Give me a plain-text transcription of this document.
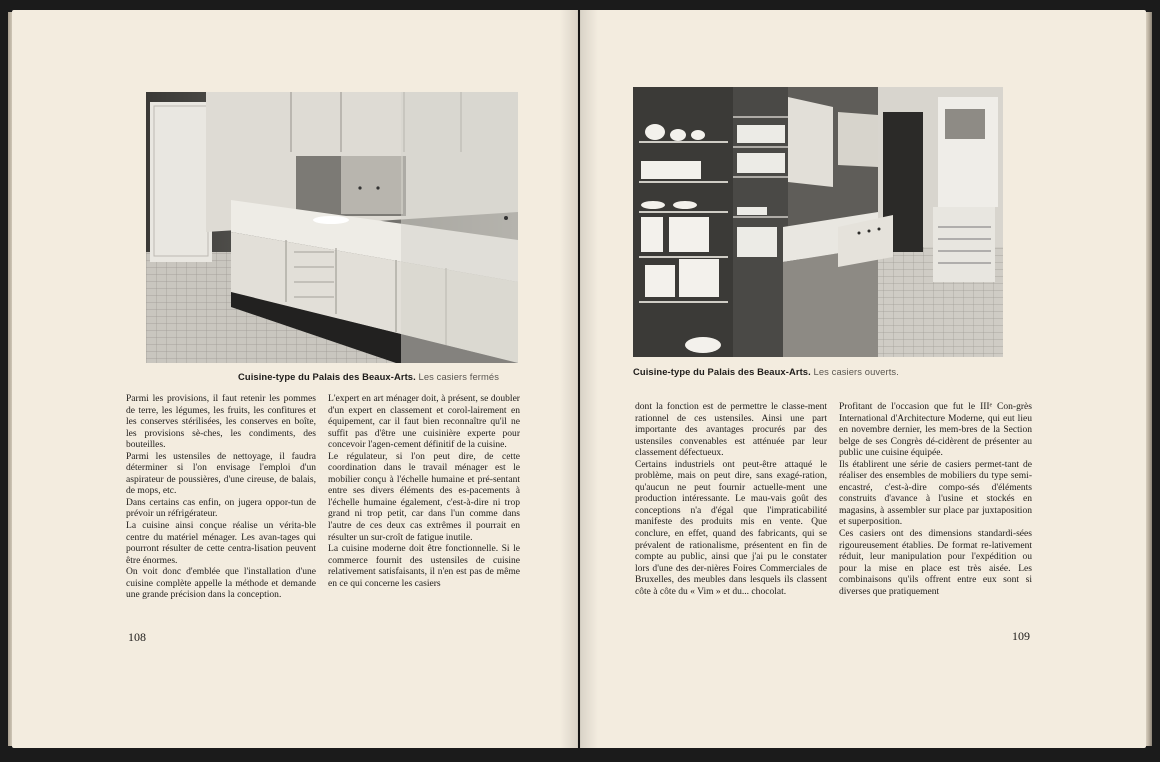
Cuisine-type du Palais des Beaux-Arts. Les casiers fermés

Parmi les provisions, il faut retenir les pommes de terre, les légumes, les fruits, les confitures et les conserves stérilisées, les conserves en boîte, les provisions sè-ches, les condiments, des bouteilles.

Parmi les ustensiles de nettoyage, il faudra déterminer si l'on envisage l'emploi d'un aspirateur de poussières, d'une cireuse, de balais, de mops, etc.

Dans certains cas enfin, on jugera oppor-tun de prévoir un réfrigérateur.

La cuisine ainsi conçue réalise un vérita-ble centre du matériel ménager. Les avan-tages qui pourront résulter de cette centra-lisation peuvent être énormes.

On voit donc d'emblée que l'installation d'une cuisine complète appelle la méthode et demande une grande précision dans la conception.

L'expert en art ménager doit, à présent, se doubler d'un expert en classement et corol-lairement en équipement, car il faut bien reconnaître qu'il ne suffit pas d'être une cuisinière experte pour concevoir l'agen-cement définitif de la cuisine.

Le régulateur, si l'on peut dire, de cette coordination dans le travail ménager est le mobilier conçu à l'échelle humaine et pré-sentant entre ses divers éléments des es-pacements à l'échelle humaine également, c'est-à-dire ni trop grand ni trop petit, car dans l'un comme dans l'autre de ces deux cas extrêmes il pourrait en résulter un sur-croît de fatigue inutile.

La cuisine moderne doit être fonctionnelle. Si le commerce fournit des ustensiles de cuisine relativement satisfaisants, il n'en est pas de même en ce qui concerne les casiers

108
Cuisine-type du Palais des Beaux-Arts. Les casiers ouverts.

dont la fonction est de permettre le classe-ment rationnel de ces ustensiles. Ainsi une part importante des avantages procurés par des ustensiles convenables est atténuée par leur classement défectueux.

Certains industriels ont peut-être attaqué le problème, mais on peut dire, sans exagé-ration, qu'aucun ne peut fournir actuelle-ment une production intéressante. Le mau-vais goût des conceptions n'a d'égal que l'impraticabilité manifeste des produits mis en vente. Que conclure, en effet, quand des fabricants, qui se prévalent de rationalisme, présentent en fin de compte au public, ainsi que j'ai pu le constater lors d'une des der-nières Foires Commerciales de Bruxelles, des meubles dans lesquels ils classent côte à côte du « Vim » et du... chocolat.

Profitant de l'occasion que fut le IIIᵉ Con-grès International d'Architecture Moderne, qui eut lieu en novembre dernier, les mem-bres de la Section belge de ses Congrès dé-cidèrent de présenter au public une cuisine équipée.

Ils établirent une série de casiers permet-tant de réaliser des ensembles de mobiliers du type semi-encastré, c'est-à-dire compo-sés d'éléments construits d'avance à l'usine et stockés en magasins, à assembler sur place par juxtaposition et superposition.

Ces casiers ont des dimensions standardi-sées rigoureusement établies. De format re-lativement réduit, leur manipulation pour l'expédition ou pour la mise en place est très aisée. Les combinaisons qu'ils offrent entre eux sont si diverses que pratiquement

109
